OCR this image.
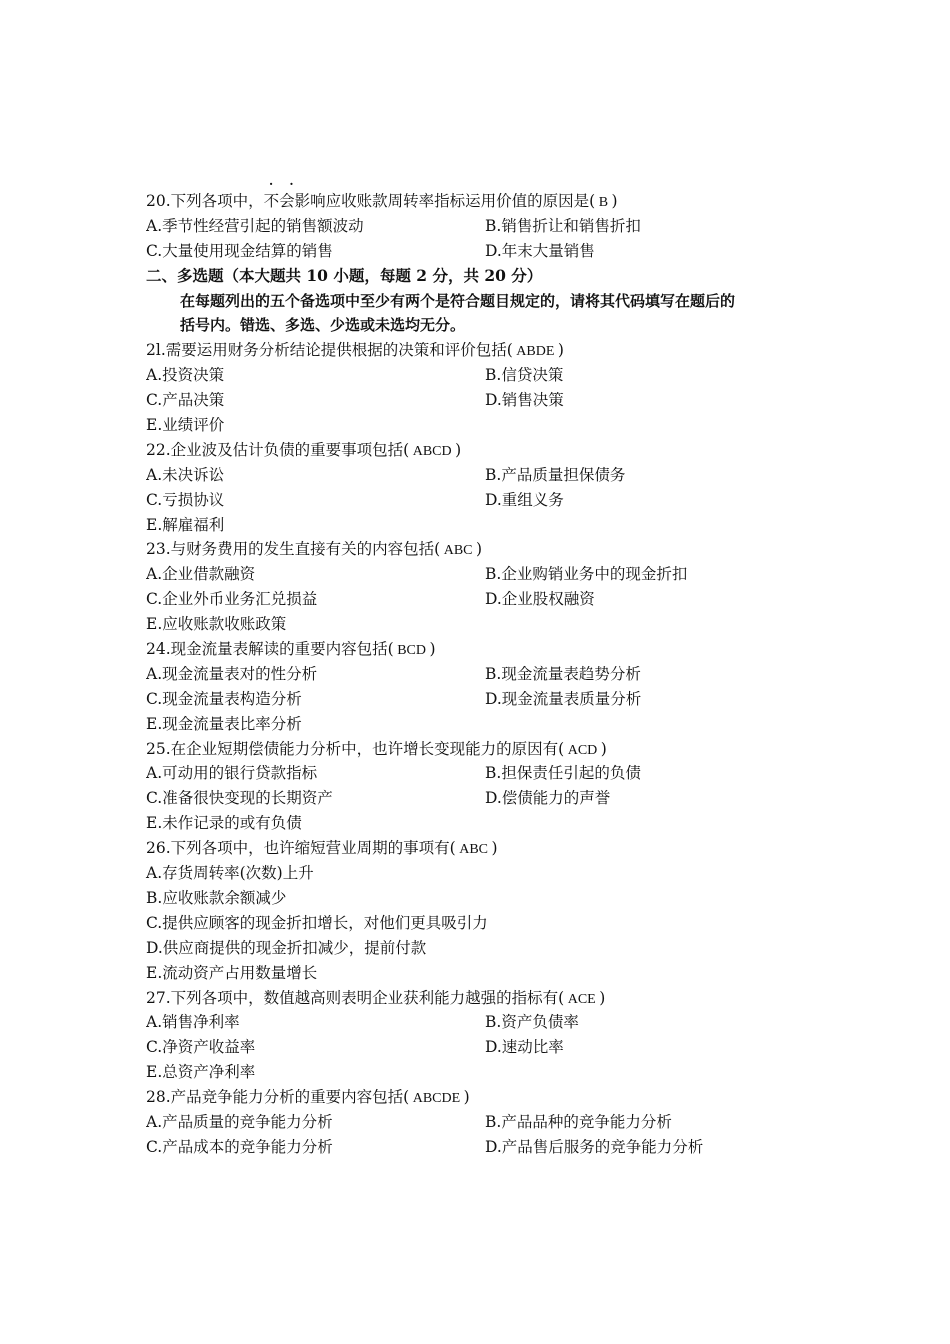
. .
20.下列各项中，不会影响应收账款周转率指标运用价值的原因是( B )
A.季节性经营引起的销售额波动	B.销售折让和销售折扣
C.大量使用现金结算的销售	D.年末大量销售
二、多选题（本大题共 10 小题，每题 2 分，共 20 分）
在每题列出的五个备选项中至少有两个是符合题目规定的，请将其代码填写在题后的
括号内。错选、多选、少选或未选均无分。
2l.需要运用财务分析结论提供根据的决策和评价包括( ABDE )
A.投资决策	B.信贷决策
C.产品决策	D.销售决策
E.业绩评价
22.企业波及估计负债的重要事项包括( ABCD )
A.未决诉讼	B.产品质量担保债务
C.亏损协议	D.重组义务
E.解雇福利
23.与财务费用的发生直接有关的内容包括( ABC )
A.企业借款融资	B.企业购销业务中的现金折扣
C.企业外币业务汇兑损益	D.企业股权融资
E.应收账款收账政策
24.现金流量表解读的重要内容包括( BCD )
A.现金流量表对的性分析	B.现金流量表趋势分析
C.现金流量表构造分析	D.现金流量表质量分析
E.现金流量表比率分析
25.在企业短期偿债能力分析中，也许增长变现能力的原因有( ACD )
A.可动用的银行贷款指标	B.担保责任引起的负债
C.准备很快变现的长期资产	D.偿债能力的声誉
E.未作记录的或有负债
26.下列各项中，也许缩短营业周期的事项有( ABC )
A.存货周转率(次数)上升
B.应收账款余额减少
C.提供应顾客的现金折扣增长，对他们更具吸引力
D.供应商提供的现金折扣减少，提前付款
E.流动资产占用数量增长
27.下列各项中，数值越高则表明企业获利能力越强的指标有( ACE )
A.销售净利率	B.资产负债率
C.净资产收益率	D.速动比率
E.总资产净利率
28.产品竞争能力分析的重要内容包括( ABCDE )
A.产品质量的竞争能力分析	B.产品品种的竞争能力分析
C.产品成本的竞争能力分析	D.产品售后服务的竞争能力分析
